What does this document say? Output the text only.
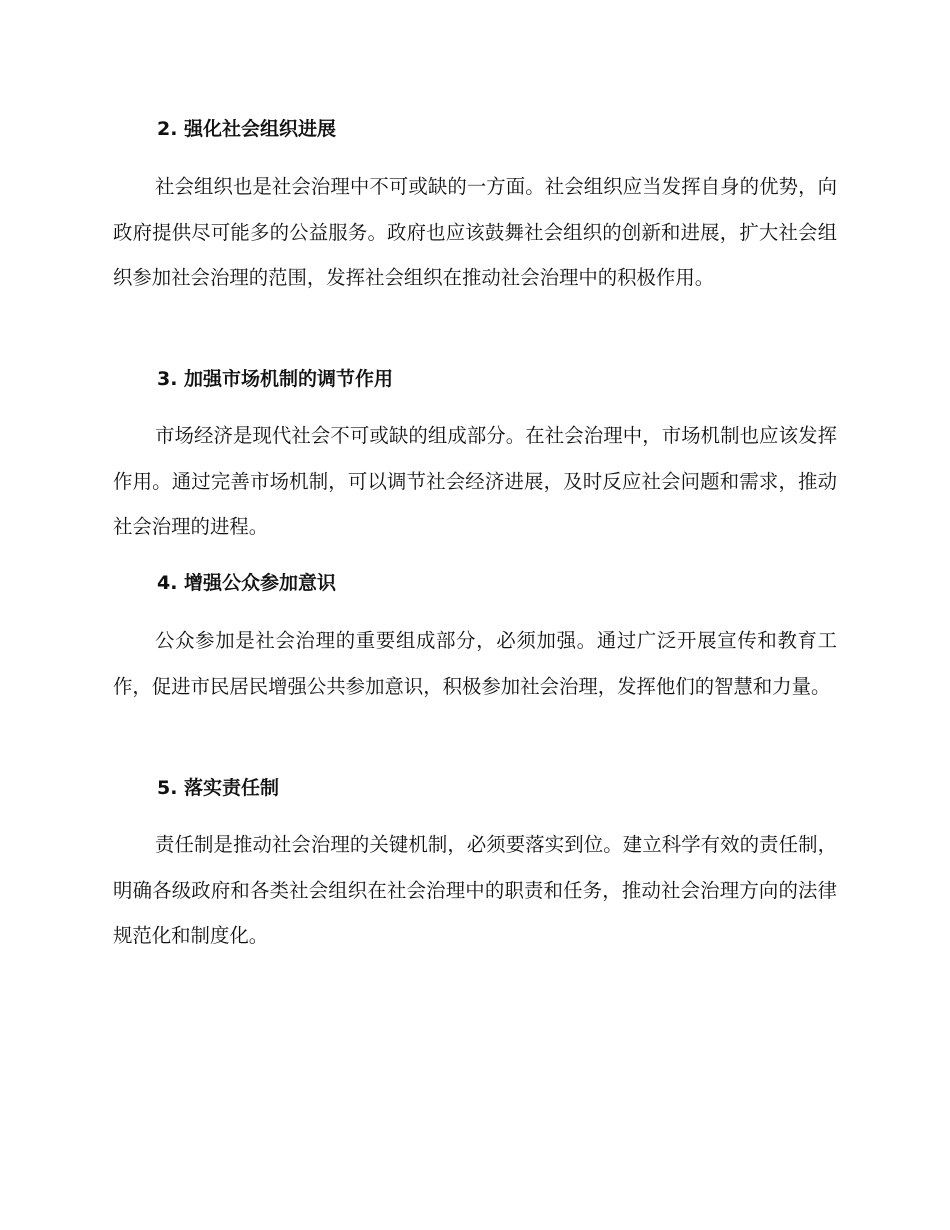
2. 强化社会组织进展

社会组织也是社会治理中不可或缺的一方面。社会组织应当发挥自身的优势，向政府提供尽可能多的公益服务。政府也应该鼓舞社会组织的创新和进展，扩大社会组织参加社会治理的范围，发挥社会组织在推动社会治理中的积极作用。

3. 加强市场机制的调节作用

市场经济是现代社会不可或缺的组成部分。在社会治理中，市场机制也应该发挥作用。通过完善市场机制，可以调节社会经济进展，及时反应社会问题和需求，推动社会治理的进程。

4. 增强公众参加意识

公众参加是社会治理的重要组成部分，必须加强。通过广泛开展宣传和教育工作，促进市民居民增强公共参加意识，积极参加社会治理，发挥他们的智慧和力量。

5. 落实责任制

责任制是推动社会治理的关键机制，必须要落实到位。建立科学有效的责任制，明确各级政府和各类社会组织在社会治理中的职责和任务，推动社会治理方向的法律规范化和制度化。
